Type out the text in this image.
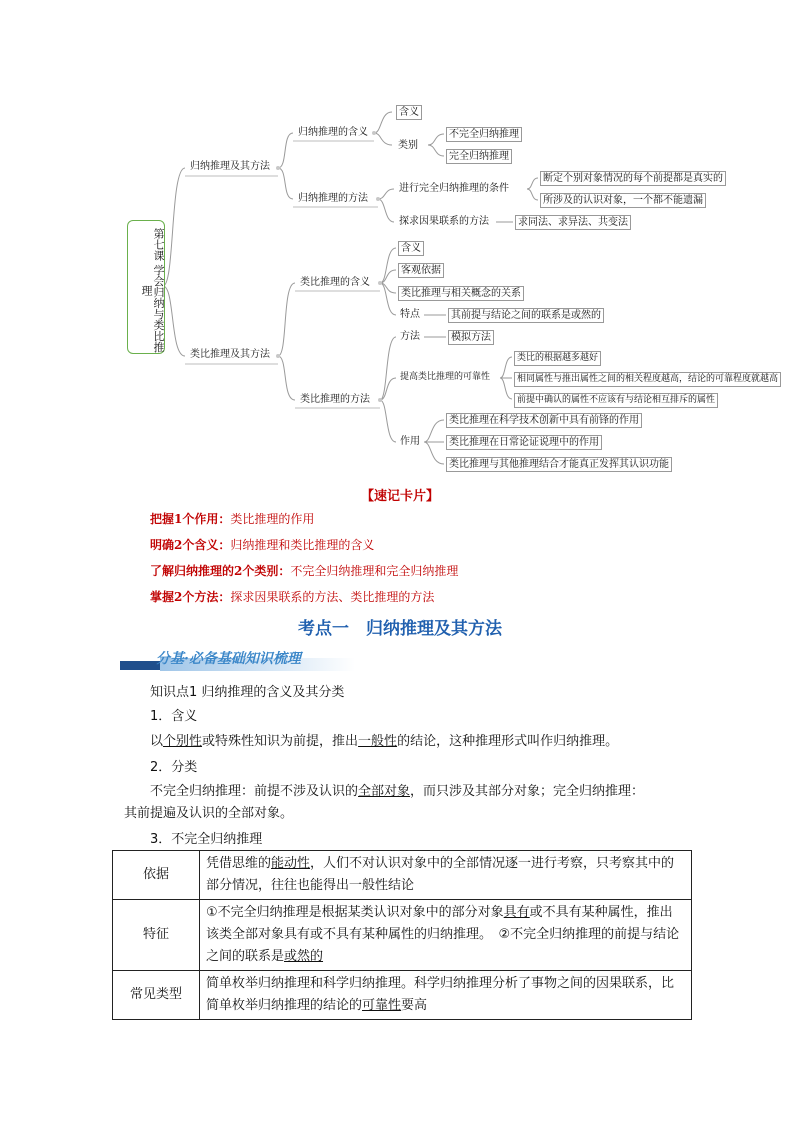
第七课 学会归纳与类比推理
归纳推理及其方法
归纳推理的含义
含义
类别
不完全归纳推理
完全归纳推理
归纳推理的方法
进行完全归纳推理的条件
断定个别对象情况的每个前提都是真实的
所涉及的认识对象，一个都不能遗漏
探求因果联系的方法	求同法、求异法、共变法
类比推理及其方法
类比推理的含义
含义
客观依据
类比推理与相关概念的关系
特点	其前提与结论之间的联系是或然的
类比推理的方法
方法	模拟方法
提高类比推理的可靠性
类比的根据越多越好
相同属性与推出属性之间的相关程度越高，结论的可靠程度就越高
前提中确认的属性不应该有与结论相互排斥的属性
作用
类比推理在科学技术创新中具有前锋的作用
类比推理在日常论证说理中的作用
类比推理与其他推理结合才能真正发挥其认识功能
【速记卡片】
把握1个作用：类比推理的作用
明确2个含义：归纳推理和类比推理的含义
了解归纳推理的2个类别：不完全归纳推理和完全归纳推理
掌握2个方法：探求因果联系的方法、类比推理的方法
考点一　归纳推理及其方法
分基·必备基础知识梳理
知识点1 归纳推理的含义及其分类
1．含义
以个别性或特殊性知识为前提，推出一般性的结论，这种推理形式叫作归纳推理。
2．分类
不完全归纳推理：前提不涉及认识的全部对象，而只涉及其部分对象；完全归纳推理：
其前提遍及认识的全部对象。
3．不完全归纳推理
依据	凭借思维的能动性，人们不对认识对象中的全部情况逐一进行考察，只考察其中的部分情况，往往也能得出一般性结论
特征	①不完全归纳推理是根据某类认识对象中的部分对象具有或不具有某种属性，推出该类全部对象具有或不具有某种属性的归纳推理。　②不完全归纳推理的前提与结论之间的联系是或然的
常见类型	简单枚举归纳推理和科学归纳推理。科学归纳推理分析了事物之间的因果联系，比简单枚举归纳推理的结论的可靠性要高
